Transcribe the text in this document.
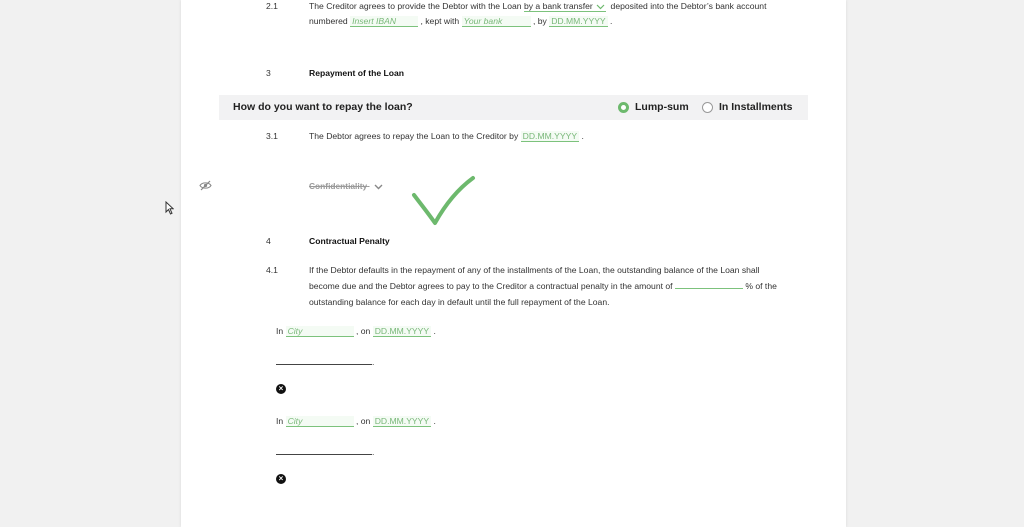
2.1	The Creditor agrees to provide the Debtor with the Loan by a bank transfer deposited into the Debtor’s bank account
numbered Insert IBAN	, kept with Your bank	, by DD.MM.YYYY .
3	Repayment of the Loan
3.1	The Debtor agrees to repay the Loan to the Creditor by DD.MM.YYYY .
Confidentiality
4	Contractual Penalty
4.1	If the Debtor defaults in the repayment of any of the installments of the Loan, the outstanding balance of the Loan shall
become due and the Debtor agrees to pay to the Creditor a contractual penalty in the amount of	% of the
outstanding balance for each day in default until the full repayment of the Loan.
In City	, on DD.MM.YYYY .
.
×
In City	, on DD.MM.YYYY .
.
×
How do you want to repay the loan?	Lump-sum	In Installments
